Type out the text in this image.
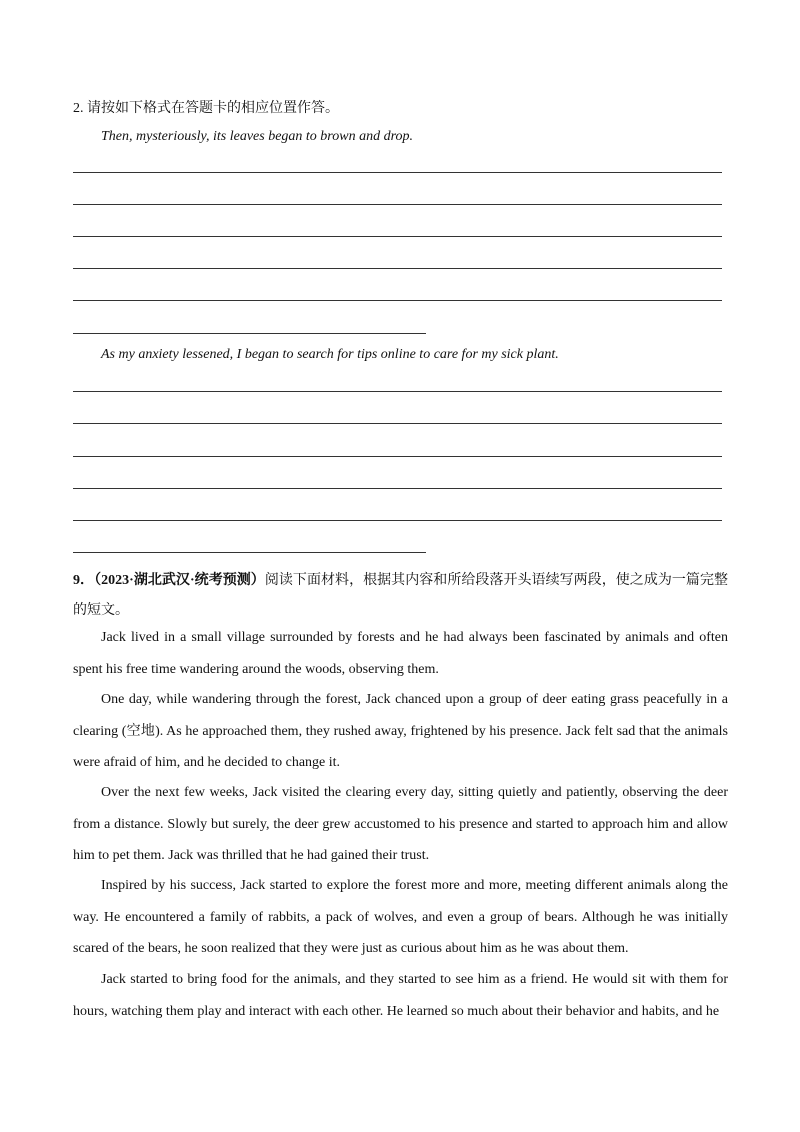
2. 请按如下格式在答题卡的相应位置作答。
Then, mysteriously, its leaves began to brown and drop.
As my anxiety lessened, I began to search for tips online to care for my sick plant.
9．（2023·湖北武汉·统考预测）阅读下面材料，根据其内容和所给段落开头语续写两段，使之成为一篇完整的短文。
Jack lived in a small village surrounded by forests and he had always been fascinated by animals and often spent his free time wandering around the woods, observing them.
One day, while wandering through the forest, Jack chanced upon a group of deer eating grass peacefully in a clearing (空地). As he approached them, they rushed away, frightened by his presence. Jack felt sad that the animals were afraid of him, and he decided to change it.
Over the next few weeks, Jack visited the clearing every day, sitting quietly and patiently, observing the deer from a distance. Slowly but surely, the deer grew accustomed to his presence and started to approach him and allow him to pet them. Jack was thrilled that he had gained their trust.
Inspired by his success, Jack started to explore the forest more and more, meeting different animals along the way. He encountered a family of rabbits, a pack of wolves, and even a group of bears. Although he was initially scared of the bears, he soon realized that they were just as curious about him as he was about them.
Jack started to bring food for the animals, and they started to see him as a friend. He would sit with them for hours, watching them play and interact with each other. He learned so much about their behavior and habits, and he
